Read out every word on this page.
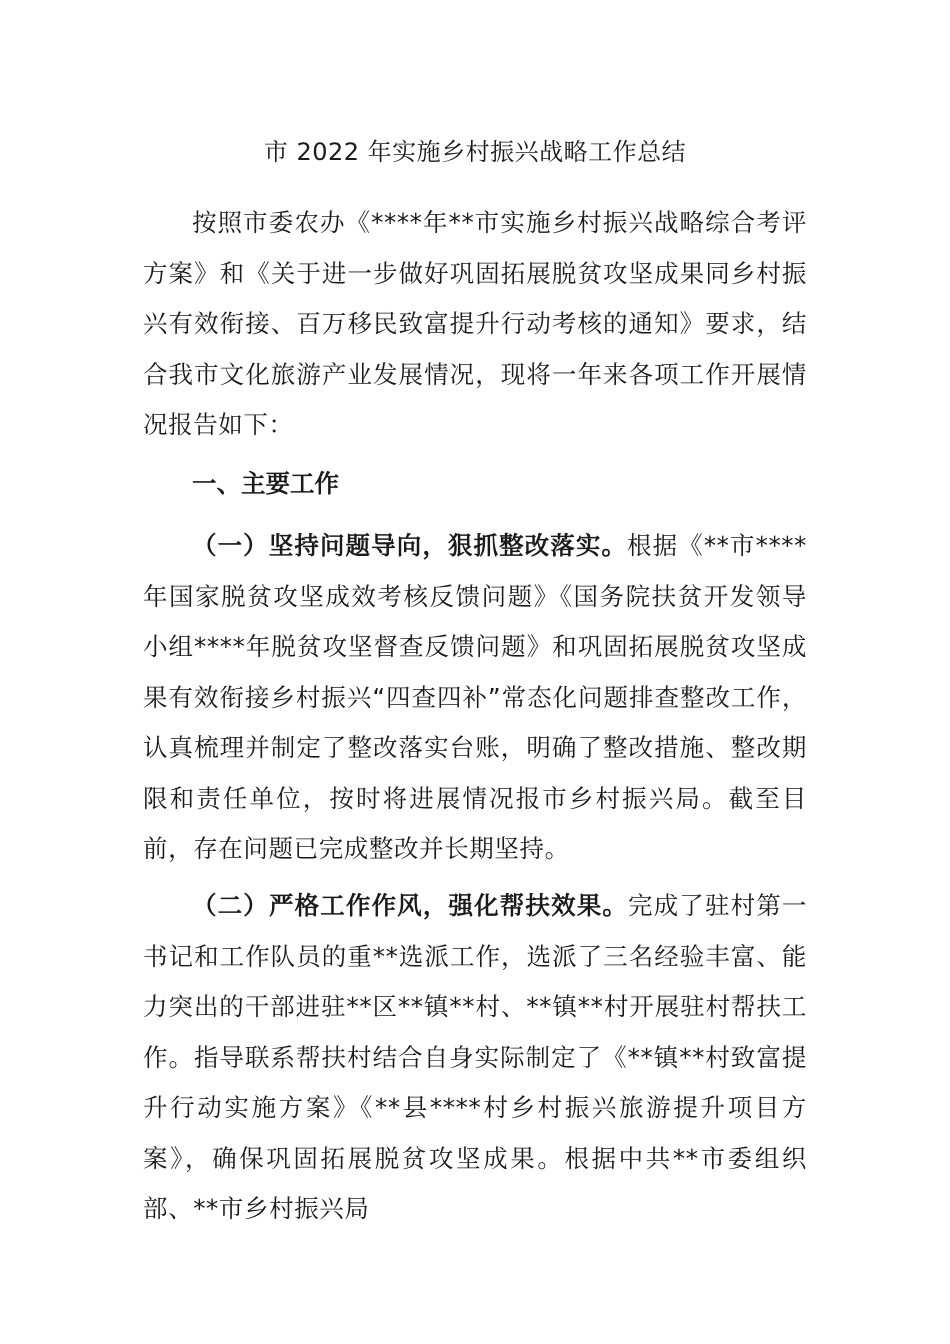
市 2022 年实施乡村振兴战略工作总结

按照市委农办《****年**市实施乡村振兴战略综合考评方案》和《关于进一步做好巩固拓展脱贫攻坚成果同乡村振兴有效衔接、百万移民致富提升行动考核的通知》要求，结合我市文化旅游产业发展情况，现将一年来各项工作开展情况报告如下：

一、主要工作

（一）坚持问题导向，狠抓整改落实。根据《**市****年国家脱贫攻坚成效考核反馈问题》《国务院扶贫开发领导小组****年脱贫攻坚督查反馈问题》和巩固拓展脱贫攻坚成果有效衔接乡村振兴“四查四补”常态化问题排查整改工作，认真梳理并制定了整改落实台账，明确了整改措施、整改期限和责任单位，按时将进展情况报市乡村振兴局。截至目前，存在问题已完成整改并长期坚持。

（二）严格工作作风，强化帮扶效果。完成了驻村第一书记和工作队员的重**选派工作，选派了三名经验丰富、能力突出的干部进驻**区**镇**村、**镇**村开展驻村帮扶工作。指导联系帮扶村结合自身实际制定了《**镇**村致富提升行动实施方案》《**县****村乡村振兴旅游提升项目方案》，确保巩固拓展脱贫攻坚成果。根据中共**市委组织部、**市乡村振兴局
